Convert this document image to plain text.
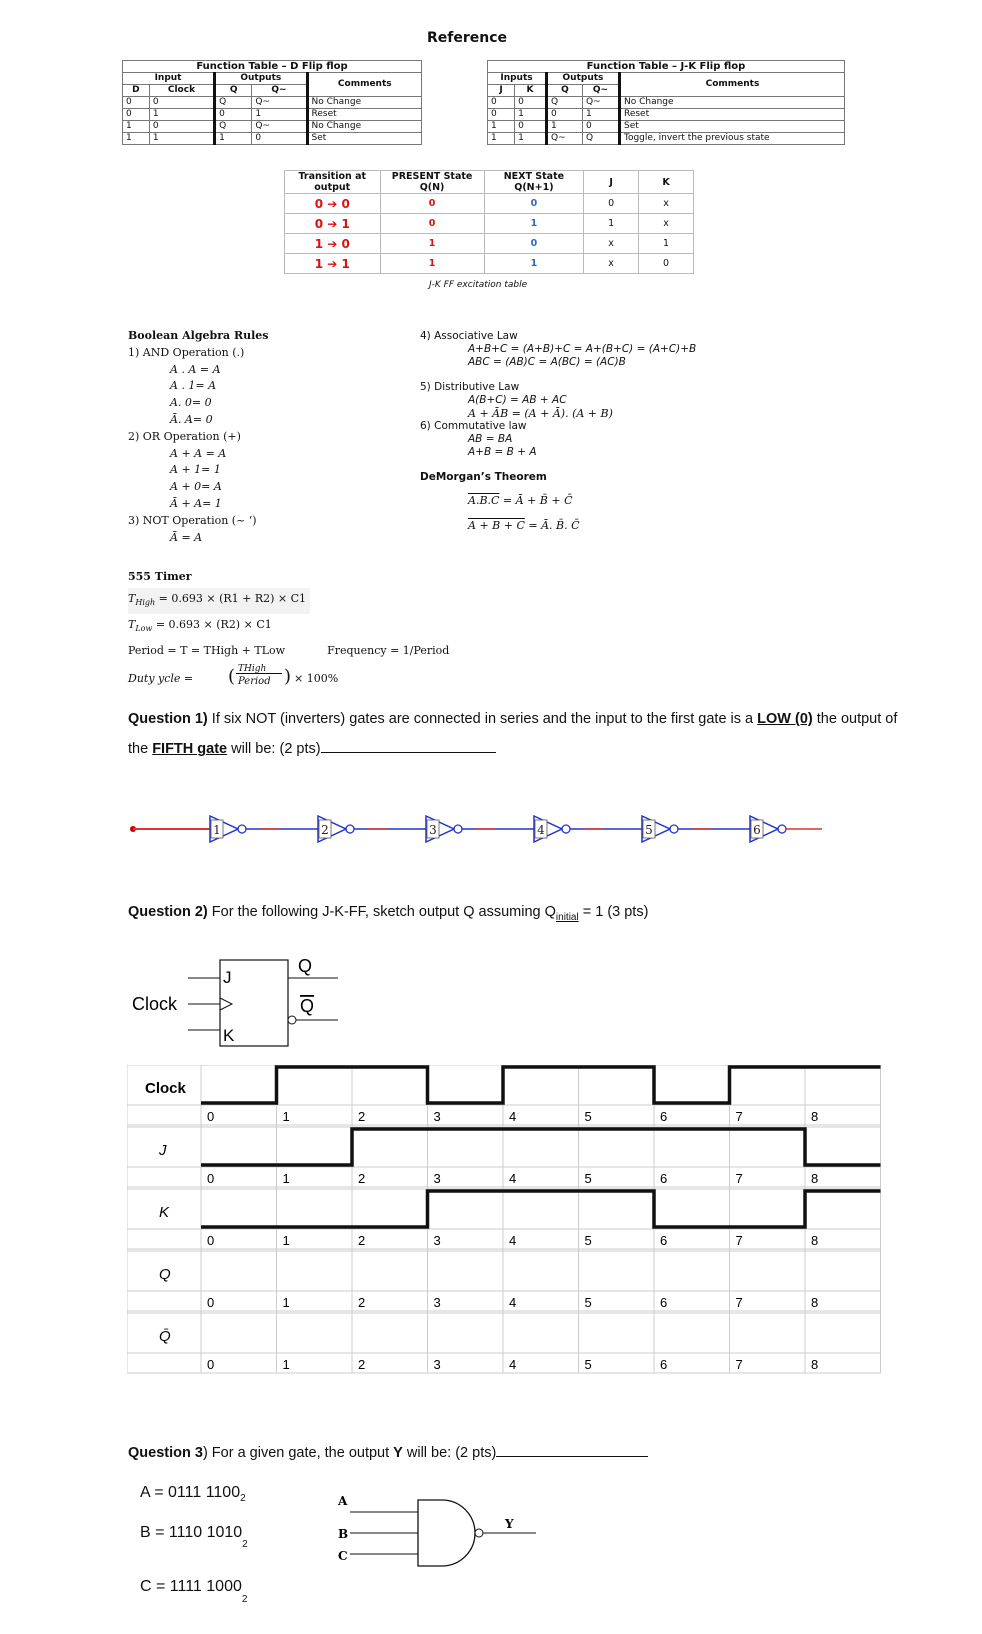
Reference
Function Table – D Flip flop				
Input		Outputs		Comments
D	Clock	Q	Q~	
0	0	Q	Q~	No Change
0	1	0	1	Reset
1	0	Q	Q~	No Change
1	1	1	0	Set
Function Table – J-K Flip flop				
Inputs		Outputs		Comments
J	K	Q	Q~	
0	0	Q	Q~	No Change
0	1	0	1	Reset
1	0	1	0	Set
1	1	Q~	Q	Toggle, invert the previous state
Transition at output	PRESENT State Q(N)	NEXT State Q(N+1)	J	K
0 ➔ 0	0	0	0	x
0 ➔ 1	0	1	1	x
1 ➔ 0	1	0	x	1
1 ➔ 1	1	1	x	0
J-K FF excitation table
Boolean Algebra Rules
1) AND Operation (.)
A . A = A
A . 1= A
A. 0= 0
Ā. A= 0
2) OR Operation (+)
A + A = A
A + 1= 1
A + 0= A
Ā + A= 1
3) NOT Operation (~ ‘)
Ā = A
4) Associative Law
A+B+C = (A+B)+C = A+(B+C) = (A+C)+B
ABC = (AB)C = A(BC) = (AC)B
5) Distributive Law
A(B+C) = AB + AC
A + ĀB = (A + Ā). (A + B)
6) Commutative law
AB = BA
A+B = B + A
DeMorgan’s Theorem
A.B.C = Ā + B̄ + C̄
A + B + C = Ā. B̄. C̄
555 Timer
$T_{High} = 0.693 \times (R1 + R2) \times C1$
$T_{Low} = 0.693 \times (R2) \times C1$
Period = T = THigh + TLow	Frequency = 1/Period
Duty ycle = ( THigh
Period ) × 100%
Question 1) If six NOT (inverters) gates are connected in series and the input to the first gate is a LOW (0) the output of
the FIFTH gate will be: (2 pts)
1	2	3	4	5	6
Question 2) For the following J-K-FF, sketch output Q assuming $Q_{initial} = 1$ (3 pts)
J
K
Q
Q
Clock
Clock
0	1	2	3	4	5	6	7	8
J
0	1	2	3	4	5	6	7	8
K
0	1	2	3	4	5	6	7	8
Q
0	1	2	3	4	5	6	7	8
Q̄
0	1	2	3	4	5	6	7	8
Question 3) For a given gate, the output Y will be: (2 pts)
A = 0111 $1100_2$
B = 1110 $1010_2$
C = 1111 $1000_2$
A
B
C
Y
